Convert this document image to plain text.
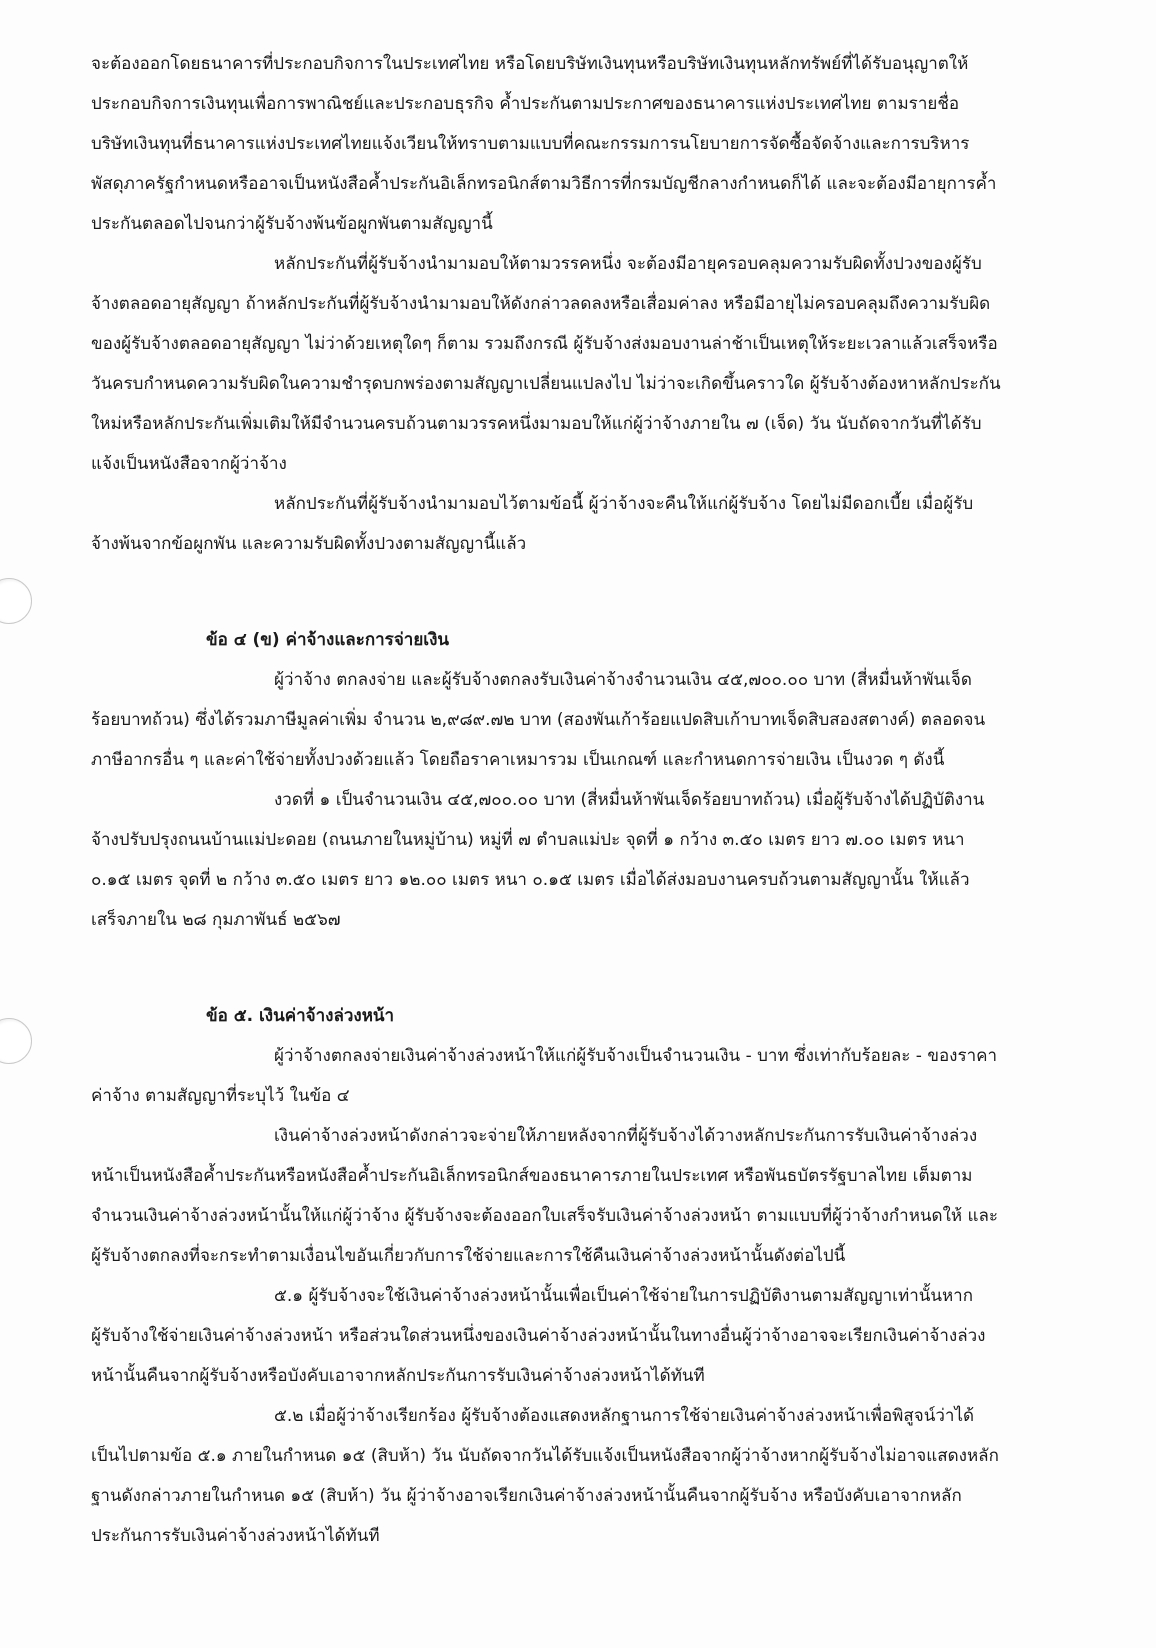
จะต้องออกโดยธนาคารที่ประกอบกิจการในประเทศไทย หรือโดยบริษัทเงินทุนหรือบริษัทเงินทุนหลักทรัพย์ที่ได้รับอนุญาตให้
ประกอบกิจการเงินทุนเพื่อการพาณิชย์และประกอบธุรกิจ ค้ำประกันตามประกาศของธนาคารแห่งประเทศไทย ตามรายชื่อ
บริษัทเงินทุนที่ธนาคารแห่งประเทศไทยแจ้งเวียนให้ทราบตามแบบที่คณะกรรมการนโยบายการจัดซื้อจัดจ้างและการบริหาร
พัสดุภาครัฐกำหนดหรืออาจเป็นหนังสือค้ำประกันอิเล็กทรอนิกส์ตามวิธีการที่กรมบัญชีกลางกำหนดก็ได้ และจะต้องมีอายุการค้ำ
ประกันตลอดไปจนกว่าผู้รับจ้างพ้นข้อผูกพันตามสัญญานี้
หลักประกันที่ผู้รับจ้างนำมามอบให้ตามวรรคหนึ่ง จะต้องมีอายุครอบคลุมความรับผิดทั้งปวงของผู้รับ
จ้างตลอดอายุสัญญา ถ้าหลักประกันที่ผู้รับจ้างนำมามอบให้ดังกล่าวลดลงหรือเสื่อมค่าลง หรือมีอายุไม่ครอบคลุมถึงความรับผิด
ของผู้รับจ้างตลอดอายุสัญญา ไม่ว่าด้วยเหตุใดๆ ก็ตาม รวมถึงกรณี ผู้รับจ้างส่งมอบงานล่าช้าเป็นเหตุให้ระยะเวลาแล้วเสร็จหรือ
วันครบกำหนดความรับผิดในความชำรุดบกพร่องตามสัญญาเปลี่ยนแปลงไป ไม่ว่าจะเกิดขึ้นคราวใด ผู้รับจ้างต้องหาหลักประกัน
ใหม่หรือหลักประกันเพิ่มเติมให้มีจำนวนครบถ้วนตามวรรคหนึ่งมามอบให้แก่ผู้ว่าจ้างภายใน ๗ (เจ็ด) วัน นับถัดจากวันที่ได้รับ
แจ้งเป็นหนังสือจากผู้ว่าจ้าง
หลักประกันที่ผู้รับจ้างนำมามอบไว้ตามข้อนี้ ผู้ว่าจ้างจะคืนให้แก่ผู้รับจ้าง โดยไม่มีดอกเบี้ย เมื่อผู้รับ
จ้างพ้นจากข้อผูกพัน และความรับผิดทั้งปวงตามสัญญานี้แล้ว
ข้อ ๔ (ข) ค่าจ้างและการจ่ายเงิน
ผู้ว่าจ้าง ตกลงจ่าย และผู้รับจ้างตกลงรับเงินค่าจ้างจำนวนเงิน ๔๕,๗๐๐.๐๐ บาท (สี่หมื่นห้าพันเจ็ด
ร้อยบาทถ้วน) ซึ่งได้รวมภาษีมูลค่าเพิ่ม จำนวน ๒,๙๘๙.๗๒ บาท (สองพันเก้าร้อยแปดสิบเก้าบาทเจ็ดสิบสองสตางค์) ตลอดจน
ภาษีอากรอื่น ๆ และค่าใช้จ่ายทั้งปวงด้วยแล้ว โดยถือราคาเหมารวม เป็นเกณฑ์ และกำหนดการจ่ายเงิน เป็นงวด ๆ ดังนี้
งวดที่ ๑ เป็นจำนวนเงิน ๔๕,๗๐๐.๐๐ บาท (สี่หมื่นห้าพันเจ็ดร้อยบาทถ้วน) เมื่อผู้รับจ้างได้ปฏิบัติงาน
จ้างปรับปรุงถนนบ้านแม่ปะดอย (ถนนภายในหมู่บ้าน) หมู่ที่ ๗ ตำบลแม่ปะ จุดที่ ๑ กว้าง ๓.๕๐ เมตร ยาว ๗.๐๐ เมตร หนา
๐.๑๕ เมตร จุดที่ ๒ กว้าง ๓.๕๐ เมตร ยาว ๑๒.๐๐ เมตร หนา ๐.๑๕ เมตร เมื่อได้ส่งมอบงานครบถ้วนตามสัญญานั้น ให้แล้ว
เสร็จภายใน ๒๘ กุมภาพันธ์ ๒๕๖๗
ข้อ ๕. เงินค่าจ้างล่วงหน้า
ผู้ว่าจ้างตกลงจ่ายเงินค่าจ้างล่วงหน้าให้แก่ผู้รับจ้างเป็นจำนวนเงิน - บาท ซึ่งเท่ากับร้อยละ - ของราคา
ค่าจ้าง ตามสัญญาที่ระบุไว้ ในข้อ ๔
เงินค่าจ้างล่วงหน้าดังกล่าวจะจ่ายให้ภายหลังจากที่ผู้รับจ้างได้วางหลักประกันการรับเงินค่าจ้างล่วง
หน้าเป็นหนังสือค้ำประกันหรือหนังสือค้ำประกันอิเล็กทรอนิกส์ของธนาคารภายในประเทศ หรือพันธบัตรรัฐบาลไทย เต็มตาม
จำนวนเงินค่าจ้างล่วงหน้านั้นให้แก่ผู้ว่าจ้าง ผู้รับจ้างจะต้องออกใบเสร็จรับเงินค่าจ้างล่วงหน้า ตามแบบที่ผู้ว่าจ้างกำหนดให้ และ
ผู้รับจ้างตกลงที่จะกระทำตามเงื่อนไขอันเกี่ยวกับการใช้จ่ายและการใช้คืนเงินค่าจ้างล่วงหน้านั้นดังต่อไปนี้
๕.๑ ผู้รับจ้างจะใช้เงินค่าจ้างล่วงหน้านั้นเพื่อเป็นค่าใช้จ่ายในการปฏิบัติงานตามสัญญาเท่านั้นหาก
ผู้รับจ้างใช้จ่ายเงินค่าจ้างล่วงหน้า หรือส่วนใดส่วนหนึ่งของเงินค่าจ้างล่วงหน้านั้นในทางอื่นผู้ว่าจ้างอาจจะเรียกเงินค่าจ้างล่วง
หน้านั้นคืนจากผู้รับจ้างหรือบังคับเอาจากหลักประกันการรับเงินค่าจ้างล่วงหน้าได้ทันที
๕.๒ เมื่อผู้ว่าจ้างเรียกร้อง ผู้รับจ้างต้องแสดงหลักฐานการใช้จ่ายเงินค่าจ้างล่วงหน้าเพื่อพิสูจน์ว่าได้
เป็นไปตามข้อ ๕.๑ ภายในกำหนด ๑๕ (สิบห้า) วัน นับถัดจากวันได้รับแจ้งเป็นหนังสือจากผู้ว่าจ้างหากผู้รับจ้างไม่อาจแสดงหลัก
ฐานดังกล่าวภายในกำหนด ๑๕ (สิบห้า) วัน ผู้ว่าจ้างอาจเรียกเงินค่าจ้างล่วงหน้านั้นคืนจากผู้รับจ้าง หรือบังคับเอาจากหลัก
ประกันการรับเงินค่าจ้างล่วงหน้าได้ทันที
